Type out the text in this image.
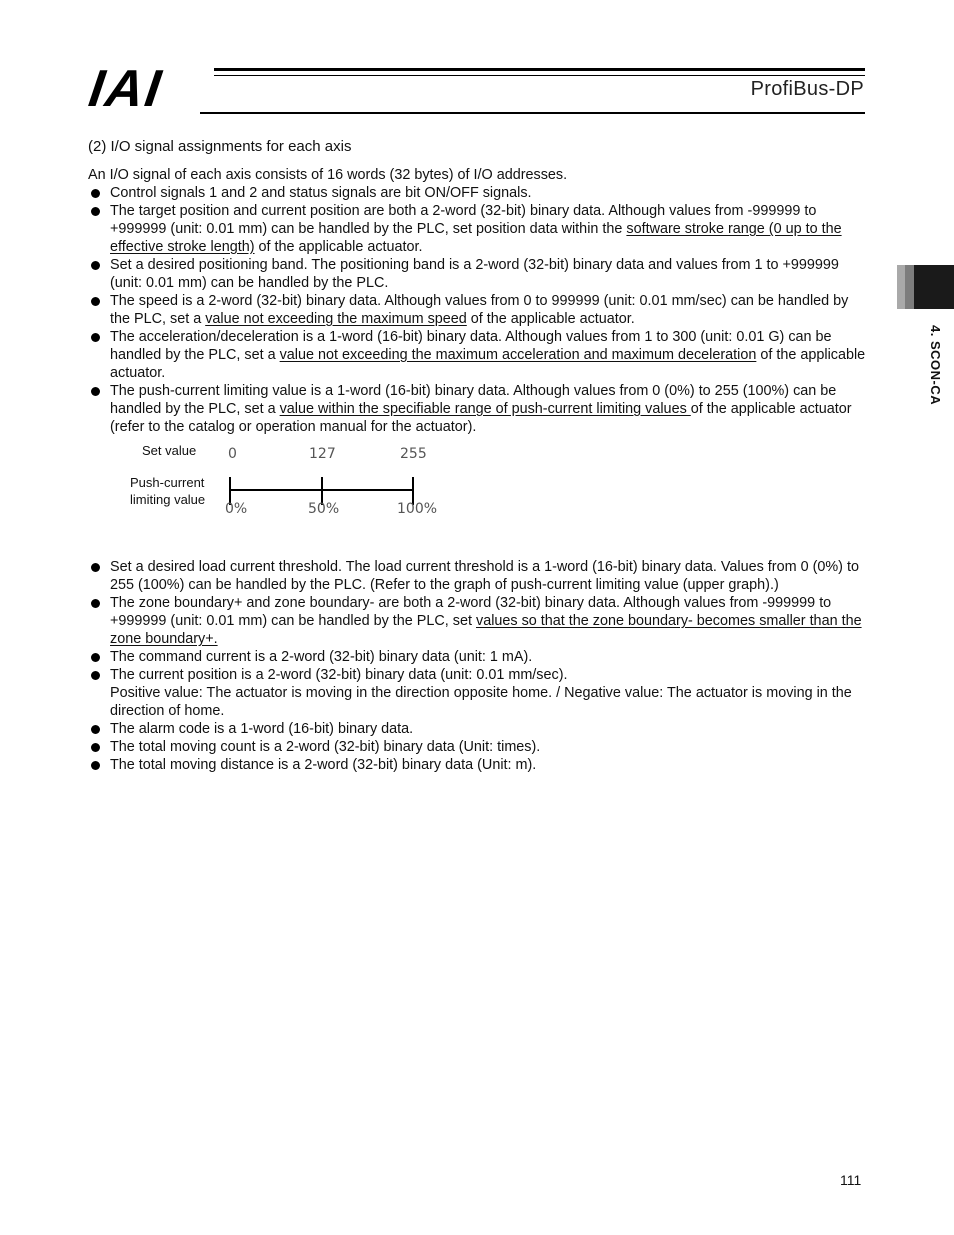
IAI	ProfiBus-DP
4. SCON-CA
(2) I/O signal assignments for each axis

An I/O signal of each axis consists of 16 words (32 bytes) of I/O addresses.

Control signals 1 and 2 and status signals are bit ON/OFF signals.
The target position and current position are both a 2-word (32-bit) binary data. Although values from -999999 to +999999 (unit: 0.01 mm) can be handled by the PLC, set position data within the software stroke range (0 up to the effective stroke length) of the applicable actuator.
Set a desired positioning band. The positioning band is a 2-word (32-bit) binary data and values from 1 to +999999 (unit: 0.01 mm) can be handled by the PLC.
The speed is a 2-word (32-bit) binary data. Although values from 0 to 999999 (unit: 0.01 mm/sec) can be handled by the PLC, set a value not exceeding the maximum speed of the applicable actuator.
The acceleration/deceleration is a 1-word (16-bit) binary data. Although values from 1 to 300 (unit: 0.01 G) can be handled by the PLC, set a value not exceeding the maximum acceleration and maximum deceleration of the applicable actuator.
The push-current limiting value is a 1-word (16-bit) binary data. Although values from 0 (0%) to 255 (100%) can be handled by the PLC, set a value within the specifiable range of push-current limiting values of the applicable actuator (refer to the catalog or operation manual for the actuator).
Set value
Push-current
limiting value
0	127	255
0%	50%	100%
Set a desired load current threshold. The load current threshold is a 1-word (16-bit) binary data. Values from 0 (0%) to 255 (100%) can be handled by the PLC. (Refer to the graph of push-current limiting value (upper graph).)
The zone boundary+ and zone boundary- are both a 2-word (32-bit) binary data. Although values from -999999 to +999999 (unit: 0.01 mm) can be handled by the PLC, set values so that the zone boundary- becomes smaller than the zone boundary+.
The command current is a 2-word (32-bit) binary data (unit: 1 mA).
The current position is a 2-word (32-bit) binary data (unit: 0.01 mm/sec).
Positive value: The actuator is moving in the direction opposite home. / Negative value: The actuator is moving in the direction of home.
The alarm code is a 1-word (16-bit) binary data.
The total moving count is a 2-word (32-bit) binary data (Unit: times).
The total moving distance is a 2-word (32-bit) binary data (Unit: m).
111
